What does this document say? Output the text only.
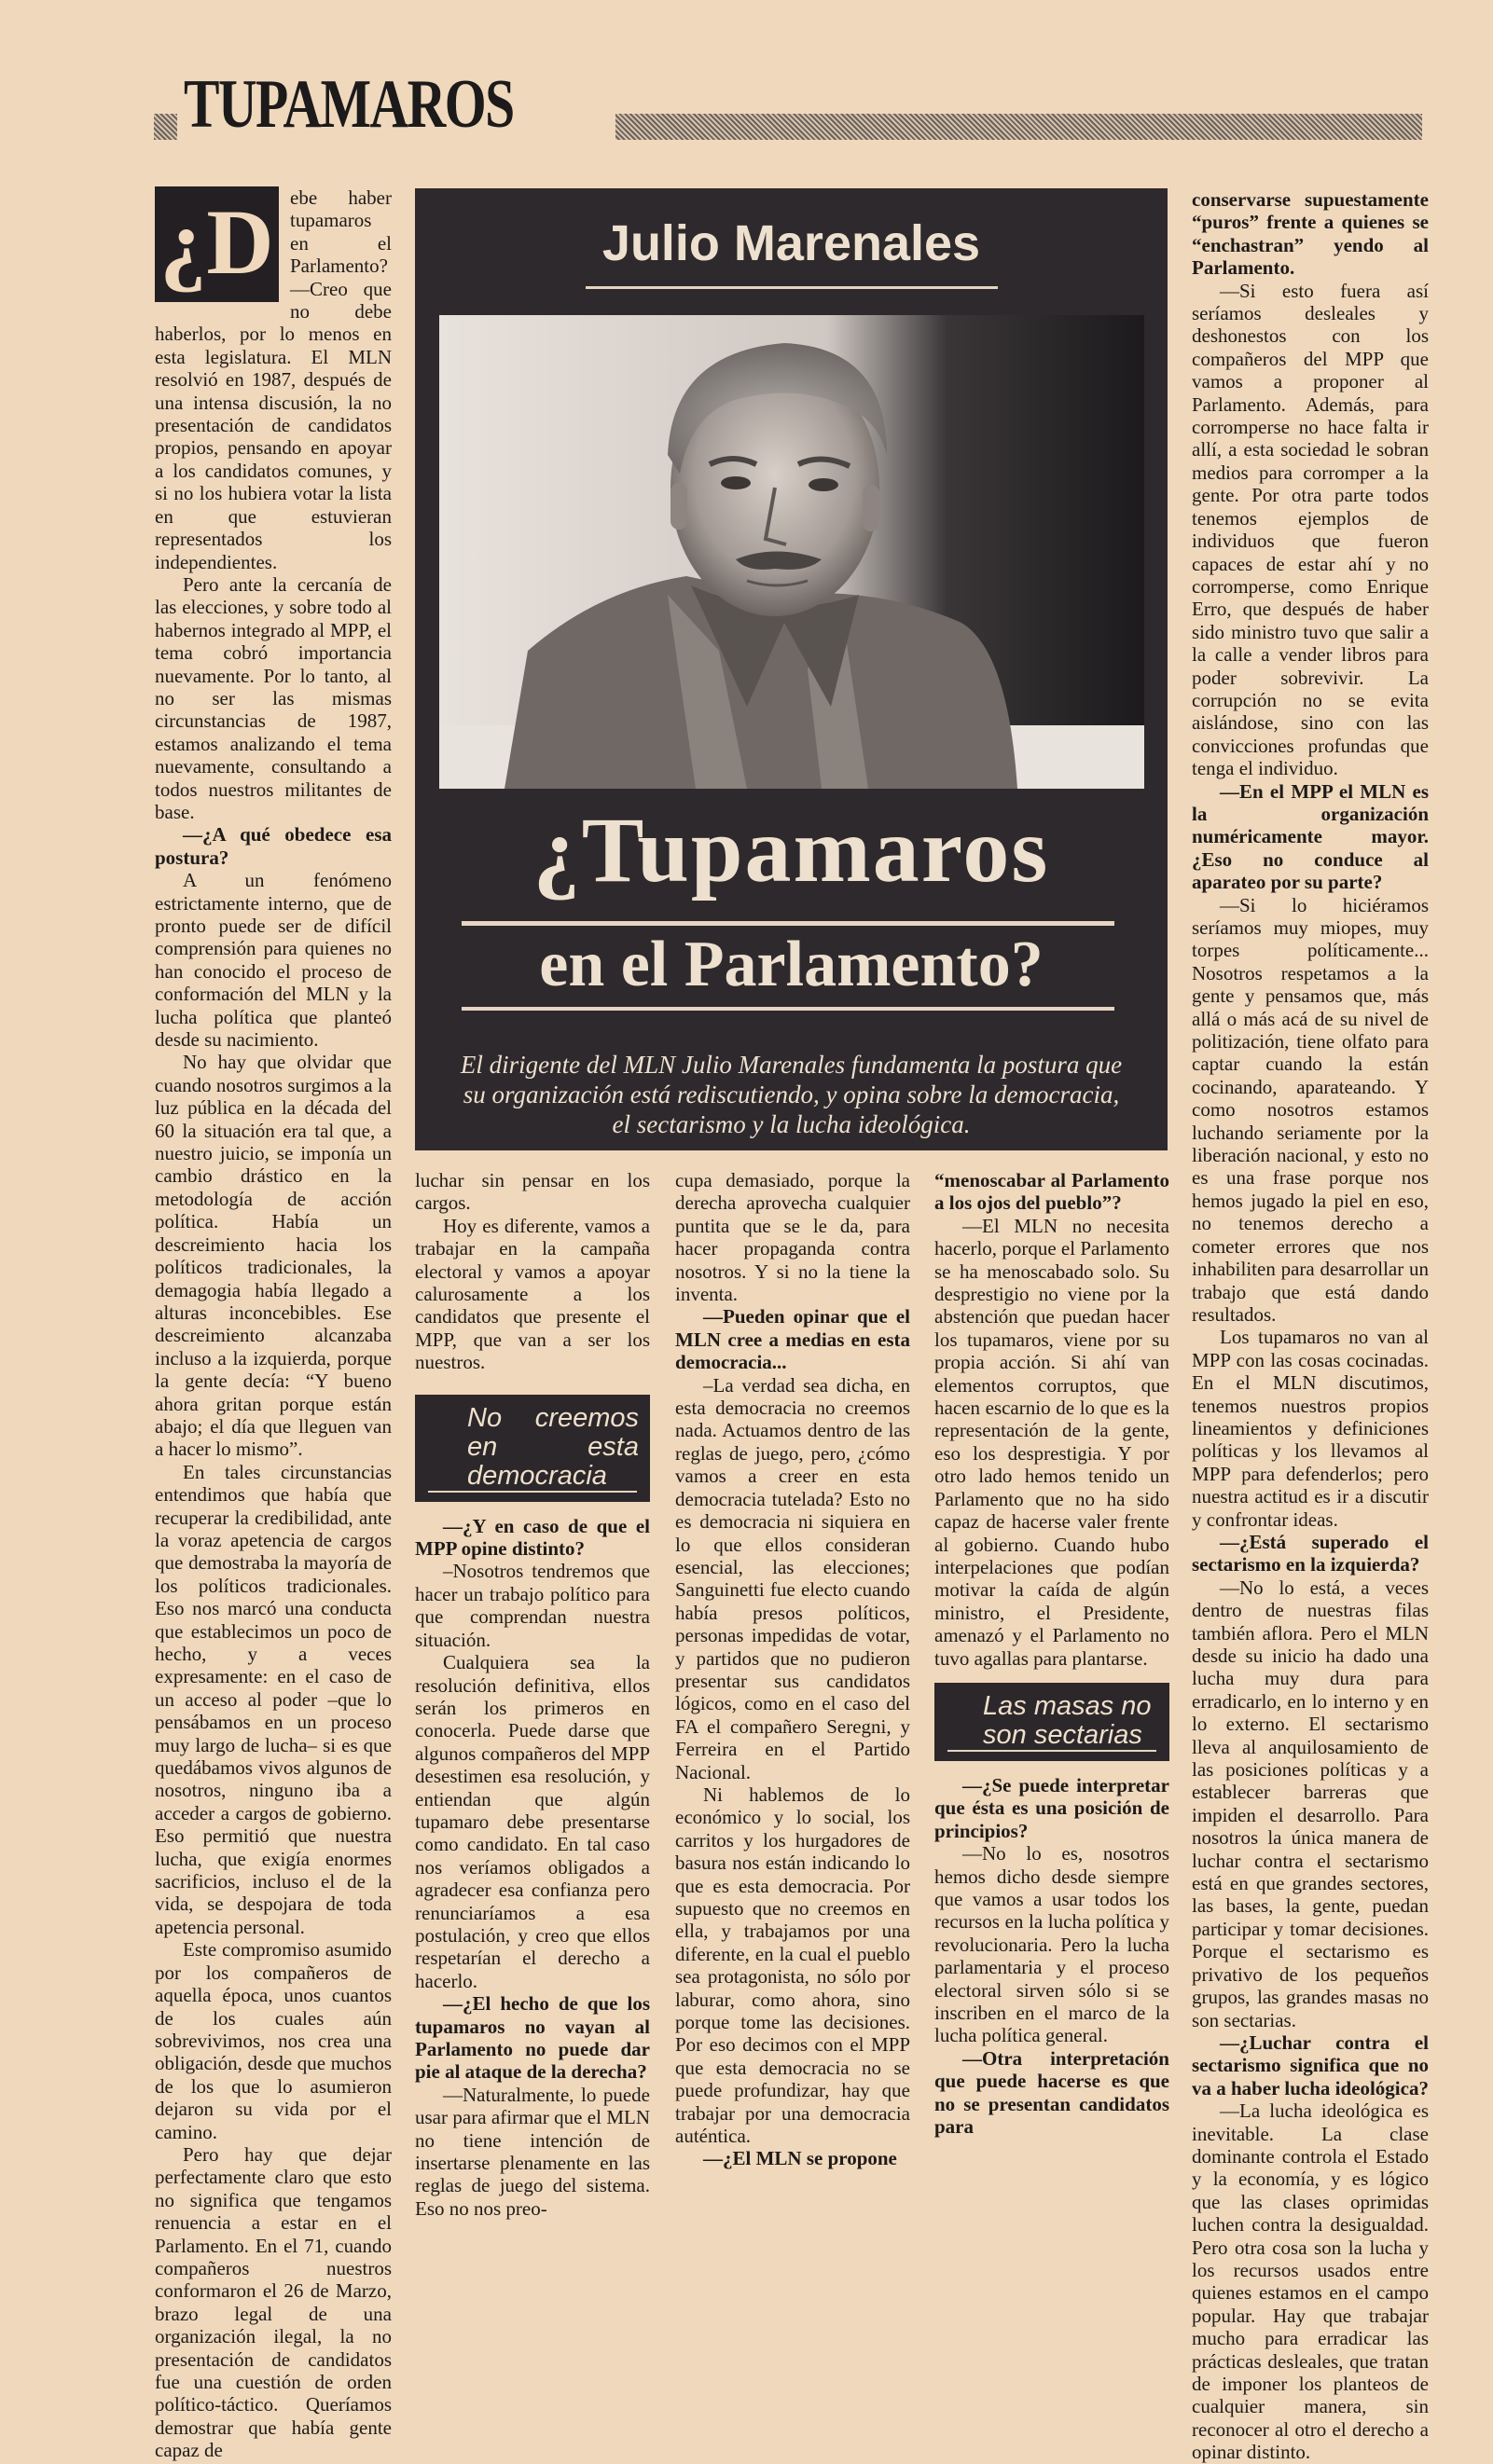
TUPAMAROS
¿D ebe haber tupamaros en el Parlamento? —Creo que no debe haberlos, por lo menos en esta legislatura. El MLN resolvió en 1987, después de una intensa discusión, la no presentación de candidatos propios, pensando en apoyar a los candidatos comunes, y si no los hubiera votar la lista en que estuvieran representados los independientes.

Pero ante la cercanía de las elecciones, y sobre todo al habernos integrado al MPP, el tema cobró importancia nuevamente. Por lo tanto, al no ser las mismas circunstancias de 1987, estamos analizando el tema nuevamente, consultando a todos nuestros militantes de base.

—¿A qué obedece esa postura?

A un fenómeno estrictamente interno, que de pronto puede ser de difícil comprensión para quienes no han conocido el proceso de conformación del MLN y la lucha política que planteó desde su nacimiento.

No hay que olvidar que cuando nosotros surgimos a la luz pública en la década del 60 la situación era tal que, a nuestro juicio, se imponía un cambio drástico en la metodología de acción política. Había un descreimiento hacia los políticos tradicionales, la demagogia había llegado a alturas inconcebibles. Ese descreimiento alcanzaba incluso a la izquierda, porque la gente decía: “Y bueno ahora gritan porque están abajo; el día que lleguen van a hacer lo mismo”.

En tales circunstancias entendimos que había que recuperar la credibilidad, ante la voraz apetencia de cargos que demostraba la mayoría de los políticos tradicionales. Eso nos marcó una conducta que establecimos un poco de hecho, y a veces expresamente: en el caso de un acceso al poder –que lo pensábamos en un proceso muy largo de lucha– si es que quedábamos vivos algunos de nosotros, ninguno iba a acceder a cargos de gobierno. Eso permitió que nuestra lucha, que exigía enormes sacrificios, incluso el de la vida, se despojara de toda apetencia personal.

Este compromiso asumido por los compañeros de aquella época, unos cuantos de los cuales aún sobrevivimos, nos crea una obligación, desde que muchos de los que lo asumieron dejaron su vida por el camino.

Pero hay que dejar perfectamente claro que esto no significa que tengamos renuencia a estar en el Parlamento. En el 71, cuando compañeros nuestros conformaron el 26 de Marzo, brazo legal de una organización ilegal, la no presentación de candidatos fue una cuestión de orden político-táctico. Queríamos demostrar que había gente capaz de

Julio Marenales
¿Tupamaros
en el Parlamento?
El dirigente del MLN Julio Marenales fundamenta la postura que su organización está rediscutiendo, y opina sobre la democracia, el sectarismo y la lucha ideológica.

luchar sin pensar en los cargos.

Hoy es diferente, vamos a trabajar en la campaña electoral y vamos a apoyar calurosamente a los candidatos que presente el MPP, que van a ser los nuestros.

No creemos en esta democracia

—¿Y en caso de que el MPP opine distinto?

–Nosotros tendremos que hacer un trabajo político para que comprendan nuestra situación.

Cualquiera sea la resolución definitiva, ellos serán los primeros en conocerla. Puede darse que algunos compañeros del MPP desestimen esa resolución, y entiendan que algún tupamaro debe presentarse como candidato. En tal caso nos veríamos obligados a agradecer esa confianza pero renunciaríamos a esa postulación, y creo que ellos respetarían el derecho a hacerlo.

—¿El hecho de que los tupamaros no vayan al Parlamento no puede dar pie al ataque de la derecha?

—Naturalmente, lo puede usar para afirmar que el MLN no tiene intención de insertarse plenamente en las reglas de juego del sistema. Eso no nos preo-

cupa demasiado, porque la derecha aprovecha cualquier puntita que se le da, para hacer propaganda contra nosotros. Y si no la tiene la inventa.

—Pueden opinar que el MLN cree a medias en esta democracia...

–La verdad sea dicha, en esta democracia no creemos nada. Actuamos dentro de las reglas de juego, pero, ¿cómo vamos a creer en esta democracia tutelada? Esto no es democracia ni siquiera en lo que ellos consideran esencial, las elecciones; Sanguinetti fue electo cuando había presos políticos, personas impedidas de votar, y partidos que no pudieron presentar sus candidatos lógicos, como en el caso del FA el compañero Seregni, y Ferreira en el Partido Nacional.

Ni hablemos de lo económico y lo social, los carritos y los hurgadores de basura nos están indicando lo que es esta democracia. Por supuesto que no creemos en ella, y trabajamos por una diferente, en la cual el pueblo sea protagonista, no sólo por laburar, como ahora, sino porque tome las decisiones. Por eso decimos con el MPP que esta democracia no se puede profundizar, hay que trabajar por una democracia auténtica.

—¿El MLN se propone

“menoscabar al Parlamento a los ojos del pueblo”?

—El MLN no necesita hacerlo, porque el Parlamento se ha menoscabado solo. Su desprestigio no viene por la abstención que puedan hacer los tupamaros, viene por su propia acción. Si ahí van elementos corruptos, que hacen escarnio de lo que es la representación de la gente, eso los desprestigia. Y por otro lado hemos tenido un Parlamento que no ha sido capaz de hacerse valer frente al gobierno. Cuando hubo interpelaciones que podían motivar la caída de algún ministro, el Presidente, amenazó y el Parlamento no tuvo agallas para plantarse.

Las masas no son sectarias

—¿Se puede interpretar que ésta es una posición de principios?

—No lo es, nosotros hemos dicho desde siempre que vamos a usar todos los recursos en la lucha política y revolucionaria. Pero la lucha parlamentaria y el proceso electoral sirven sólo si se inscriben en el marco de la lucha política general.

—Otra interpretación que puede hacerse es que no se presentan candidatos para

conservarse supuestamente “puros” frente a quienes se “enchastran” yendo al Parlamento.

—Si esto fuera así seríamos desleales y deshonestos con los compañeros del MPP que vamos a proponer al Parlamento. Además, para corromperse no hace falta ir allí, a esta sociedad le sobran medios para corromper a la gente. Por otra parte todos tenemos ejemplos de individuos que fueron capaces de estar ahí y no corromperse, como Enrique Erro, que después de haber sido ministro tuvo que salir a la calle a vender libros para poder sobrevivir. La corrupción no se evita aislándose, sino con las convicciones profundas que tenga el individuo.

—En el MPP el MLN es la organización numéricamente mayor. ¿Eso no conduce al aparateo por su parte?

—Si lo hiciéramos seríamos muy miopes, muy torpes políticamente... Nosotros respetamos a la gente y pensamos que, más allá o más acá de su nivel de politización, tiene olfato para captar cuando la están cocinando, aparateando. Y como nosotros estamos luchando seriamente por la liberación nacional, y esto no es una frase porque nos hemos jugado la piel en eso, no tenemos derecho a cometer errores que nos inhabiliten para desarrollar un trabajo que está dando resultados.

Los tupamaros no van al MPP con las cosas cocinadas. En el MLN discutimos, tenemos nuestros propios lineamientos y definiciones políticas y los llevamos al MPP para defenderlos; pero nuestra actitud es ir a discutir y confrontar ideas.

—¿Está superado el sectarismo en la izquierda?

—No lo está, a veces dentro de nuestras filas también aflora. Pero el MLN desde su inicio ha dado una lucha muy dura para erradicarlo, en lo interno y en lo externo. El sectarismo lleva al anquilosamiento de las posiciones políticas y a establecer barreras que impiden el desarrollo. Para nosotros la única manera de luchar contra el sectarismo está en que grandes sectores, las bases, la gente, puedan participar y tomar decisiones. Porque el sectarismo es privativo de los pequeños grupos, las grandes masas no son sectarias.

—¿Luchar contra el sectarismo significa que no va a haber lucha ideológica?

—La lucha ideológica es inevitable. La clase dominante controla el Estado y la economía, y es lógico que las clases oprimidas luchen contra la desigualdad. Pero otra cosa son la lucha y los recursos usados entre quienes estamos en el campo popular. Hay que trabajar mucho para erradicar las prácticas desleales, que tratan de imponer los planteos de cualquier manera, sin reconocer al otro el derecho a opinar distinto.
